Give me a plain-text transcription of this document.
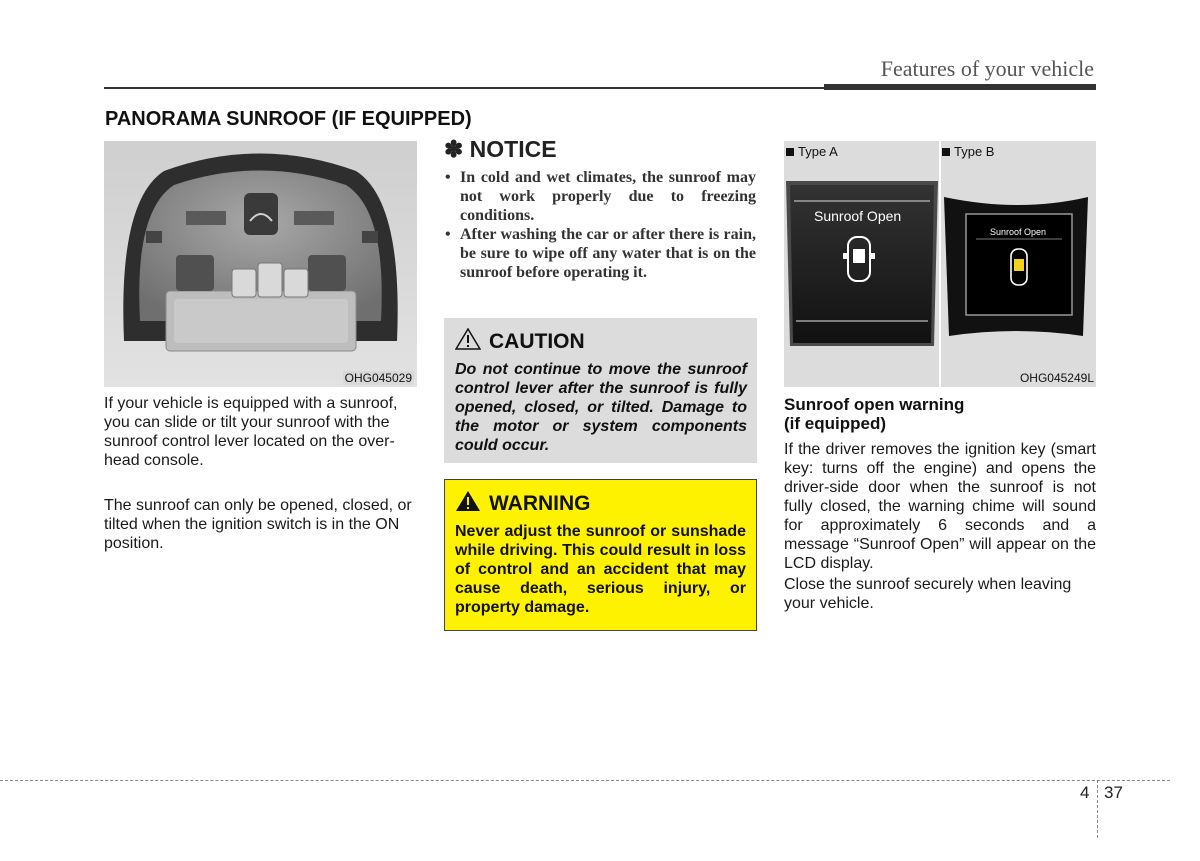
Features of your vehicle
PANORAMA SUNROOF (IF EQUIPPED)
OHG045029
If your vehicle is equipped with a sunroof, you can slide or tilt your sunroof with the sunroof control lever located on the overhead console.
The sunroof can only be opened, closed, or tilted when the ignition switch is in the ON position.
✽ NOTICE
• In cold and wet climates, the sunroof may not work properly due to freezing conditions.
• After washing the car or after there is rain, be sure to wipe off any water that is on the sunroof before operating it.
CAUTION
Do not continue to move the sunroof control lever after the sunroof is fully opened, closed, or tilted. Damage to the motor or system components could occur.
WARNING
Never adjust the sunroof or sunshade while driving. This could result in loss of control and an accident that may cause death, serious injury, or property damage.
Type A	Type B
Sunroof Open
Sunroof Open
OHG045249L
Sunroof open warning
(if equipped)
If the driver removes the ignition key (smart key: turns off the engine) and opens the driver-side door when the sunroof is not fully closed, the warning chime will sound for approximately 6 seconds and a message “Sunroof Open” will appear on the LCD display.
Close the sunroof securely when leaving your vehicle.
4 37
